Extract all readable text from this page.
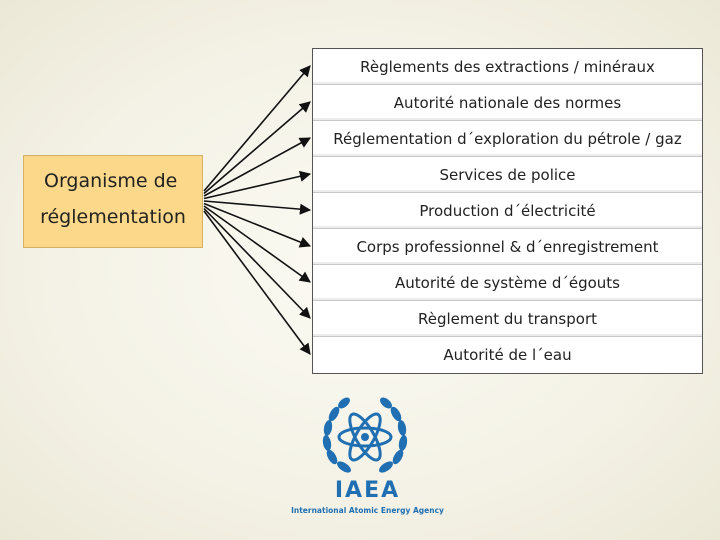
Organisme de
réglementation
Règlements des extractions / minéraux
Autorité nationale des normes
Réglementation d´exploration du pétrole / gaz
Services de police
Production d´électricité
Corps professionnel & d´enregistrement
Autorité de système d´égouts
Règlement du transport
Autorité de l´eau
IAEA
International Atomic Energy Agency
